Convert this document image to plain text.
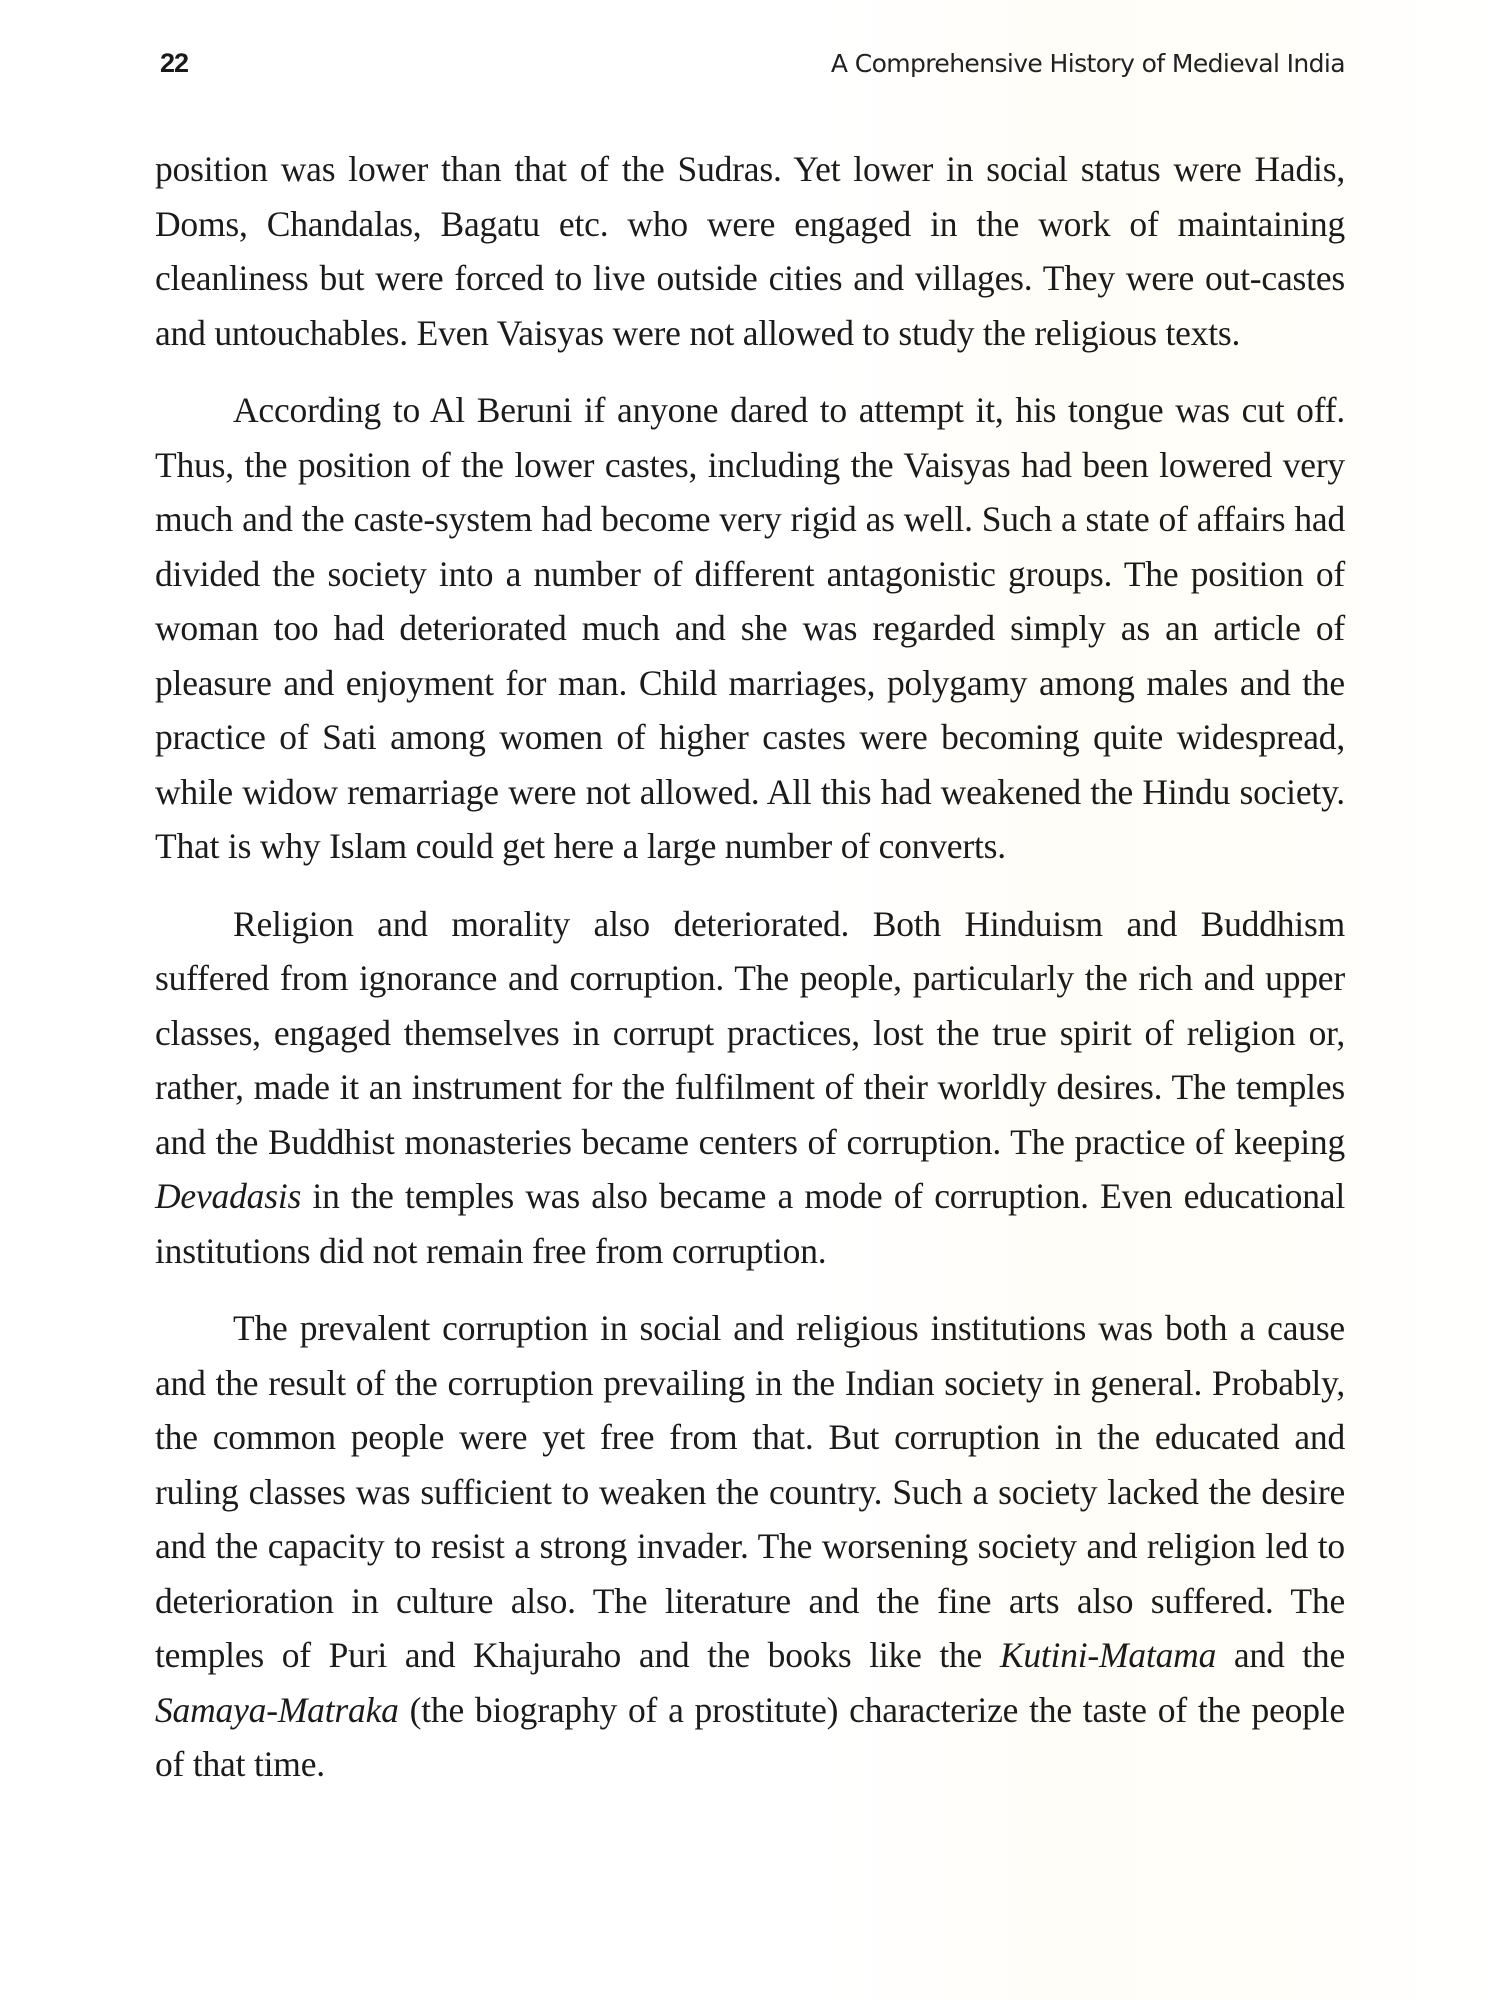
22	A Comprehensive History of Medieval India

position was lower than that of the Sudras. Yet lower in social status were Hadis, Doms, Chandalas, Bagatu etc. who were engaged in the work of maintaining cleanliness but were forced to live outside cities and villages. They were out-castes and untouchables. Even Vaisyas were not allowed to study the religious texts.

According to Al Beruni if anyone dared to attempt it, his tongue was cut off. Thus, the position of the lower castes, including the Vaisyas had been lowered very much and the caste-system had become very rigid as well. Such a state of affairs had divided the society into a number of different antagonistic groups. The position of woman too had deteriorated much and she was regarded simply as an article of pleasure and enjoyment for man. Child marriages, polygamy among males and the practice of Sati among women of higher castes were becoming quite widespread, while widow remarriage were not allowed. All this had weakened the Hindu society. That is why Islam could get here a large number of converts.

Religion and morality also deteriorated. Both Hinduism and Buddhism suffered from ignorance and corruption. The people, particularly the rich and upper classes, engaged themselves in corrupt practices, lost the true spirit of religion or, rather, made it an instrument for the fulfilment of their worldly desires. The temples and the Buddhist monasteries became centers of corruption. The practice of keeping Devadasis in the temples was also became a mode of corruption. Even educational institutions did not remain free from corruption.

The prevalent corruption in social and religious institutions was both a cause and the result of the corruption prevailing in the Indian society in general. Probably, the common people were yet free from that. But corruption in the educated and ruling classes was sufficient to weaken the country. Such a society lacked the desire and the capacity to resist a strong invader. The worsening society and religion led to deterioration in culture also. The literature and the fine arts also suffered. The temples of Puri and Khajuraho and the books like the Kutini-Matama and the Samaya-Matraka (the biography of a prostitute) characterize the taste of the people of that time.
